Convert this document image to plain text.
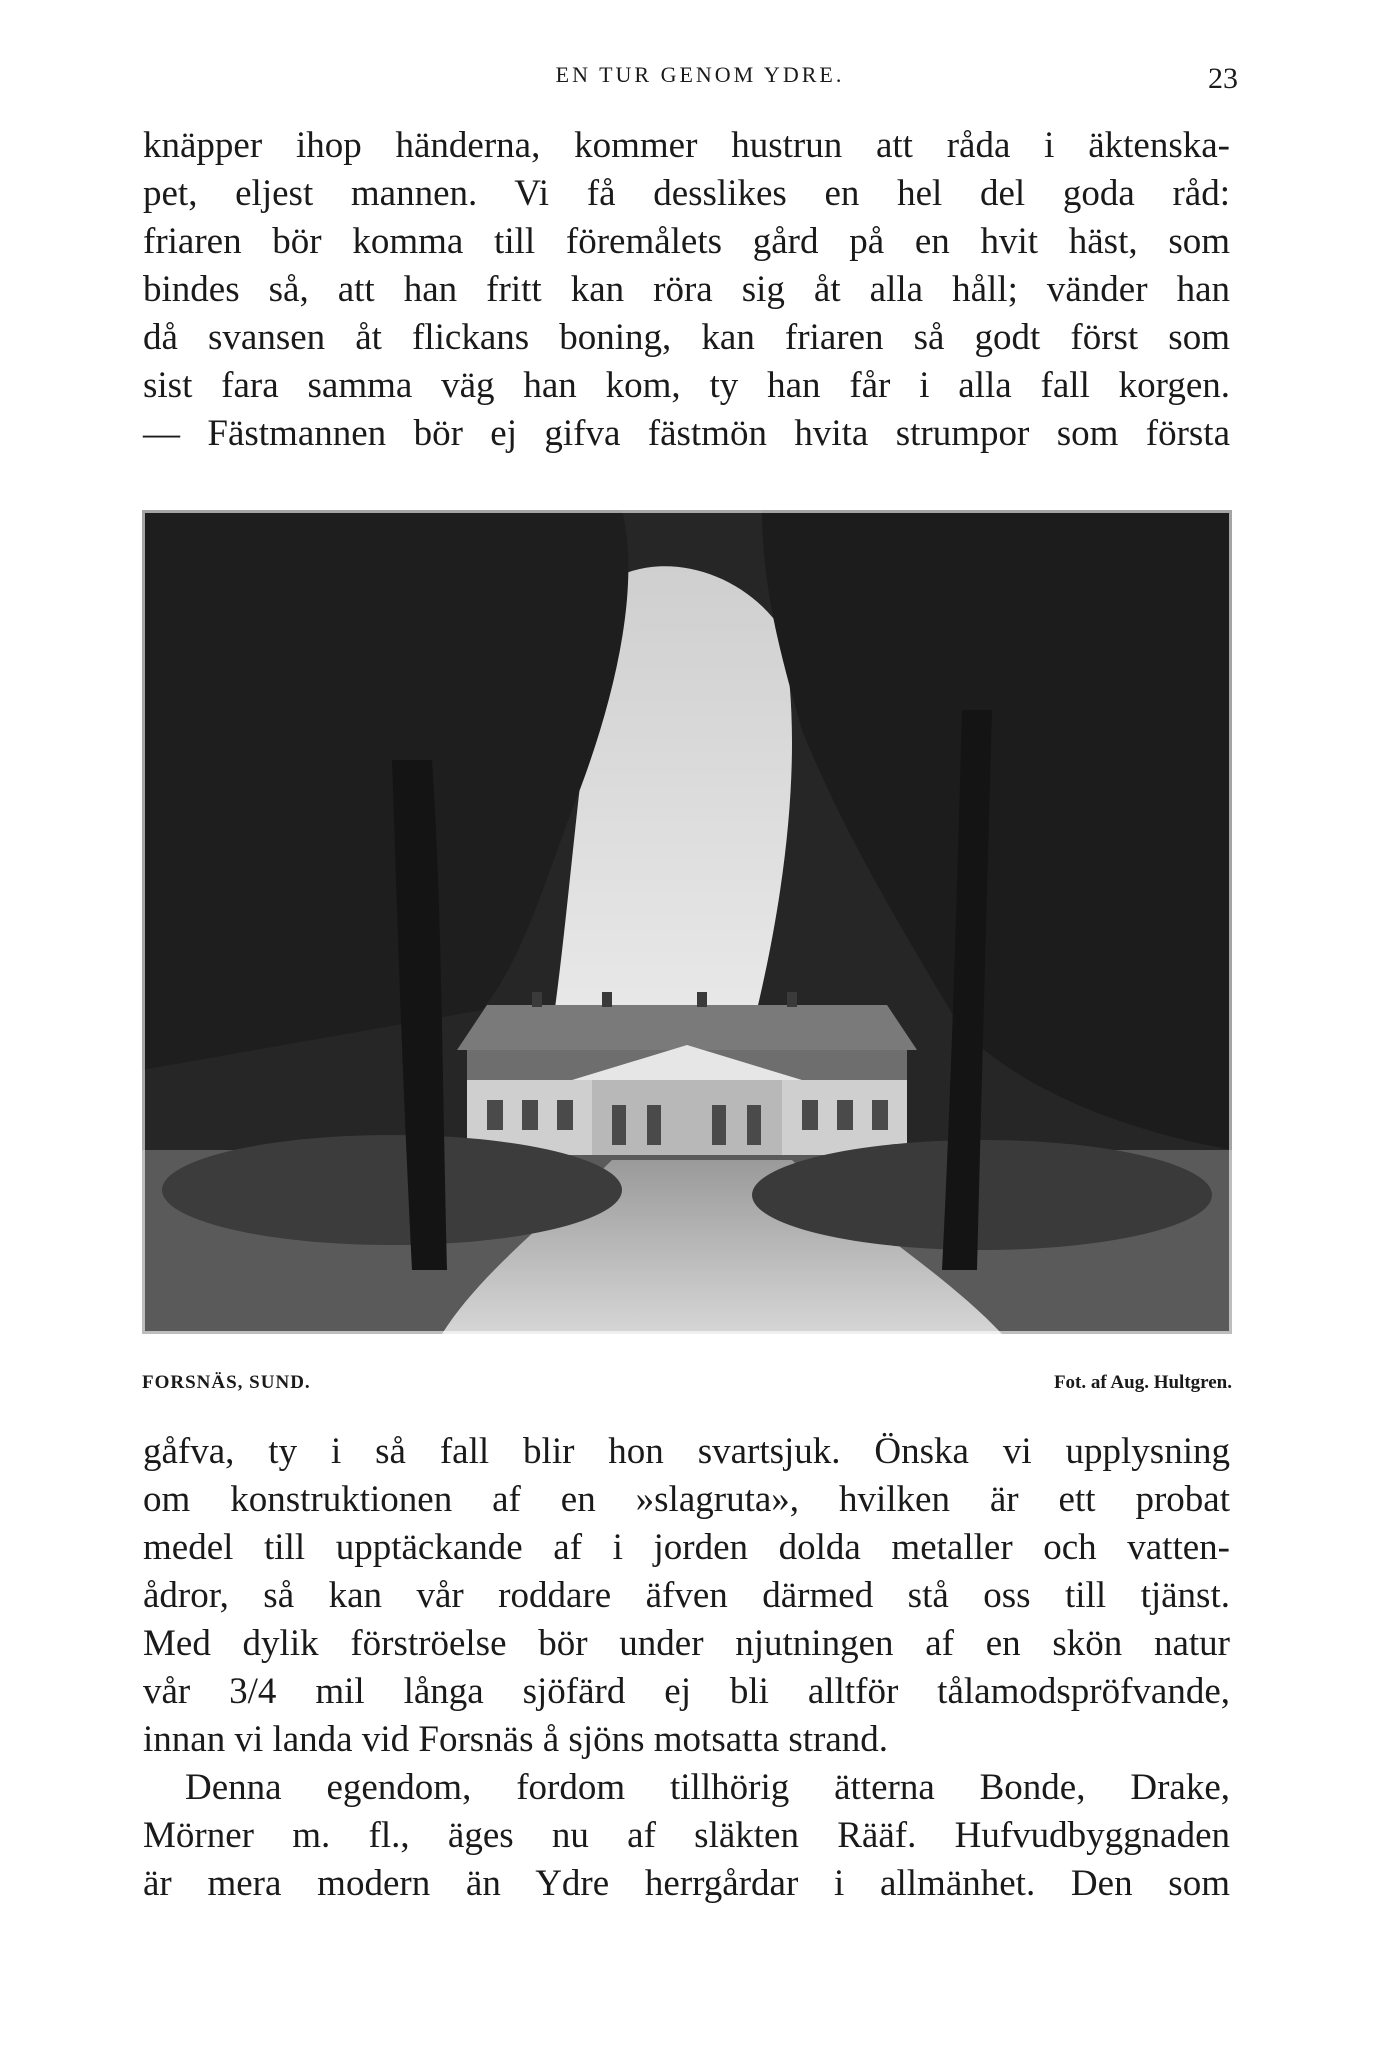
EN TUR GENOM YDRE.	23
knäpper ihop händerna, kommer hustrun att råda i äktenska-
pet, eljest mannen. Vi få desslikes en hel del goda råd:
friaren bör komma till föremålets gård på en hvit häst, som
bindes så, att han fritt kan röra sig åt alla håll; vänder han
då svansen åt flickans boning, kan friaren så godt först som
sist fara samma väg han kom, ty han får i alla fall korgen.
— Fästmannen bör ej gifva fästmön hvita strumpor som första
FORSNÄS, SUND.	Fot. af Aug. Hultgren.
gåfva, ty i så fall blir hon svartsjuk. Önska vi upplysning
om konstruktionen af en »slagruta», hvilken är ett probat
medel till upptäckande af i jorden dolda metaller och vatten-
ådror, så kan vår roddare äfven därmed stå oss till tjänst.
Med dylik förströelse bör under njutningen af en skön natur
vår 3/4 mil långa sjöfärd ej bli alltför tålamodspröfvande,
innan vi landa vid Forsnäs å sjöns motsatta strand.
Denna egendom, fordom tillhörig ätterna Bonde, Drake,
Mörner m. fl., äges nu af släkten Rääf. Hufvudbyggnaden
är mera modern än Ydre herrgårdar i allmänhet. Den som
